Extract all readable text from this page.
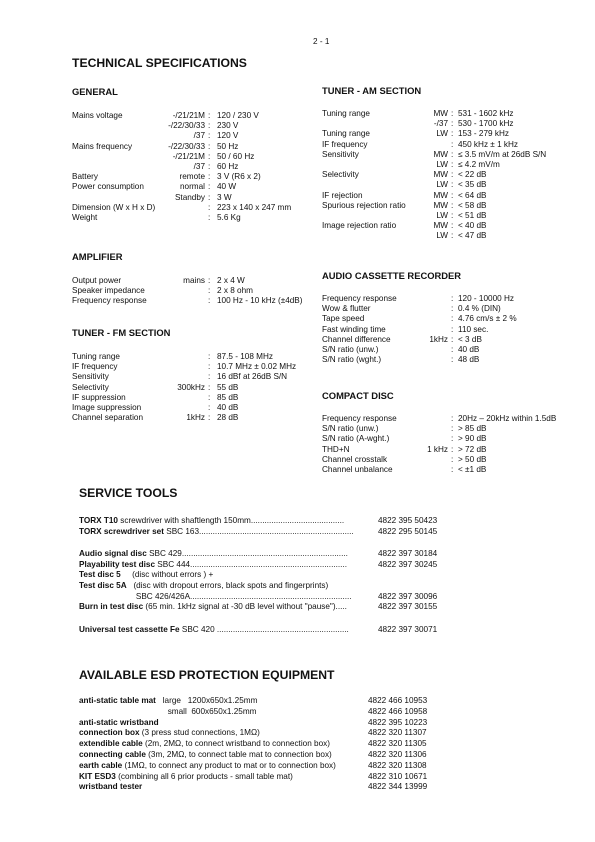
2 - 1
TECHNICAL SPECIFICATIONS
GENERAL
Mains voltage	-/21/21M : 120 / 230 V
-/22/30/33 : 230 V
/37 : 120 V
Mains frequency	-/22/30/33 : 50 Hz
-/21/21M : 50 / 60 Hz
/37 : 60 Hz
Battery	remote : 3 V (R6 x 2)
Power consumption	normal : 40 W
Standby : 3 W
Dimension (W x H x D)	: 223 x 140 x 247 mm
Weight	: 5.6 Kg
AMPLIFIER
Output power	mains : 2 x 4 W
Speaker impedance	: 2 x 8 ohm
Frequency response	: 100 Hz - 10 kHz (±4dB)
TUNER - FM SECTION
Tuning range	: 87.5 - 108 MHz
IF frequency	: 10.7 MHz ± 0.02 MHz
Sensitivity	: 16 dBf at 26dB S/N
Selectivity	300kHz : 55 dB
IF suppression	: 85 dB
Image suppression	: 40 dB
Channel separation	1kHz : 28 dB
TUNER - AM SECTION
Tuning range	MW : 531 - 1602 kHz
-/37 : 530 - 1700 kHz
Tuning range	LW : 153 - 279 kHz
IF frequency	: 450 kHz ± 1 kHz
Sensitivity	MW : ≤ 3.5 mV/m at 26dB S/N
LW : ≤ 4.2 mV/m
Selectivity	MW : < 22 dB
LW : < 35 dB
IF rejection	MW : < 64 dB
Spurious rejection ratio	MW : < 58 dB
LW : < 51 dB
Image rejection ratio	MW : < 40 dB
LW : < 47 dB
AUDIO CASSETTE RECORDER
Frequency response	: 120 - 10000 Hz
Wow & flutter	: 0.4 % (DIN)
Tape speed	: 4.76 cm/s ± 2 %
Fast winding time	: 110 sec.
Channel difference	1kHz : < 3 dB
S/N ratio (unw.)	: 40 dB
S/N ratio (wght.)	: 48 dB
COMPACT DISC
Frequency response	: 20Hz – 20kHz within 1.5dB
S/N ratio (unw.)	: > 85 dB
S/N ratio (A-wght.)	: > 90 dB
THD+N	1 kHz : > 72 dB
Channel crosstalk	: > 50 dB
Channel unbalance	: < ±1 dB
SERVICE TOOLS
TORX T10 screwdriver with shaftlength 150mm.........................................	4822 395 50423
TORX screwdriver set SBC 163....................................................................	4822 295 50145
Audio signal disc SBC 429.........................................................................	4822 397 30184
Playability test disc SBC 444.....................................................................	4822 397 30245
Test disc 5     (disc without errors ) +
Test disc 5A   (disc with dropout errors, black spots and fingerprints)
SBC 426/426A.......................................................................	4822 397 30096
Burn in test disc (65 min. 1kHz signal at -30 dB level without "pause").....	4822 397 30155
Universal test cassette Fe SBC 420 ..........................................................	4822 397 30071
AVAILABLE ESD PROTECTION EQUIPMENT
anti-static table mat   large   1200x650x1.25mm	4822 466 10953
small  600x650x1.25mm	4822 466 10958
anti-static wristband	4822 395 10223
connection box (3 press stud connections, 1MΩ)	4822 320 11307
extendible cable (2m, 2MΩ, to connect wristband to connection box)	4822 320 11305
connecting cable (3m, 2MΩ, to connect table mat to connection box)	4822 320 11306
earth cable (1MΩ, to connect any product to mat or to connection box)	4822 320 11308
KIT ESD3 (combining all 6 prior products - small table mat)	4822 310 10671
wristband tester	4822 344 13999
